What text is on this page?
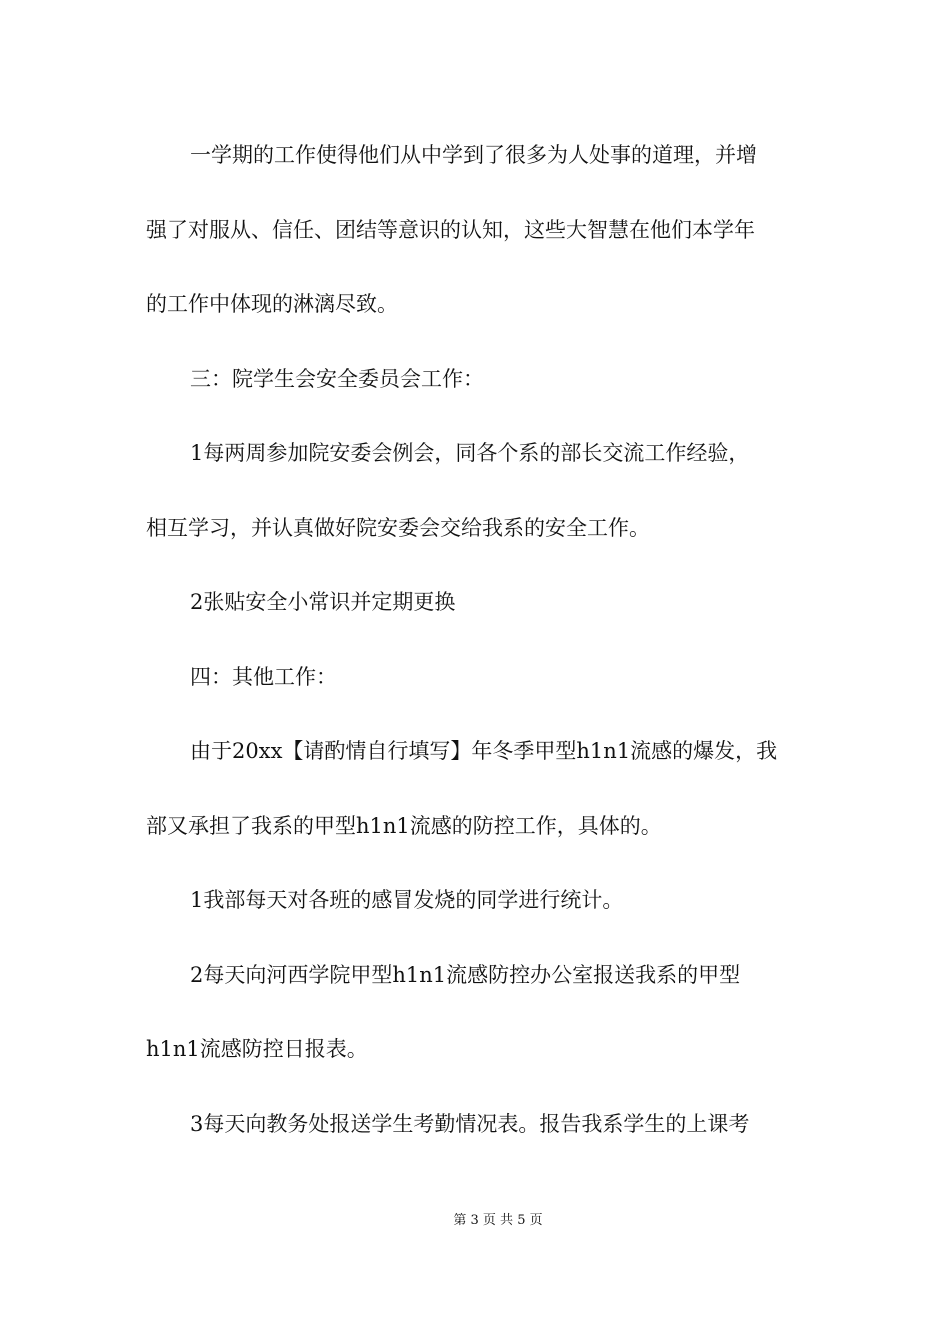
一学期的工作使得他们从中学到了很多为人处事的道理，并增
强了对服从、信任、团结等意识的认知，这些大智慧在他们本学年
的工作中体现的淋漓尽致。
三：院学生会安全委员会工作：
1每两周参加院安委会例会，同各个系的部长交流工作经验，
相互学习，并认真做好院安委会交给我系的安全工作。
2张贴安全小常识并定期更换
四：其他工作：
由于20xx【请酌情自行填写】年冬季甲型h1n1流感的爆发，我
部又承担了我系的甲型h1n1流感的防控工作，具体的。
1我部每天对各班的感冒发烧的同学进行统计。
2每天向河西学院甲型h1n1流感防控办公室报送我系的甲型
h1n1流感防控日报表。
3每天向教务处报送学生考勤情况表。报告我系学生的上课考
第 3 页 共 5 页
